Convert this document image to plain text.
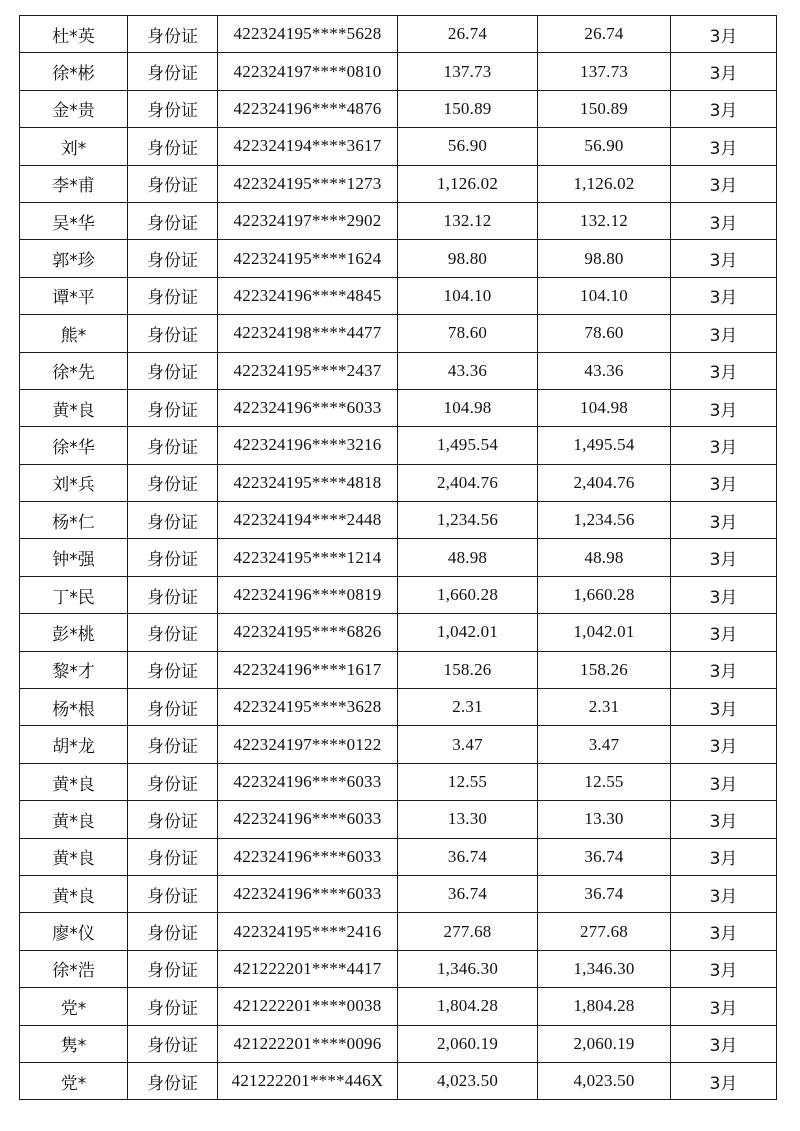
杜*英	身份证	422324195****5628	26.74	26.74	3月
徐*彬	身份证	422324197****0810	137.73	137.73	3月
金*贵	身份证	422324196****4876	150.89	150.89	3月
刘*	身份证	422324194****3617	56.90	56.90	3月
李*甫	身份证	422324195****1273	1,126.02	1,126.02	3月
吴*华	身份证	422324197****2902	132.12	132.12	3月
郭*珍	身份证	422324195****1624	98.80	98.80	3月
谭*平	身份证	422324196****4845	104.10	104.10	3月
熊*	身份证	422324198****4477	78.60	78.60	3月
徐*先	身份证	422324195****2437	43.36	43.36	3月
黄*良	身份证	422324196****6033	104.98	104.98	3月
徐*华	身份证	422324196****3216	1,495.54	1,495.54	3月
刘*兵	身份证	422324195****4818	2,404.76	2,404.76	3月
杨*仁	身份证	422324194****2448	1,234.56	1,234.56	3月
钟*强	身份证	422324195****1214	48.98	48.98	3月
丁*民	身份证	422324196****0819	1,660.28	1,660.28	3月
彭*桃	身份证	422324195****6826	1,042.01	1,042.01	3月
黎*才	身份证	422324196****1617	158.26	158.26	3月
杨*根	身份证	422324195****3628	2.31	2.31	3月
胡*龙	身份证	422324197****0122	3.47	3.47	3月
黄*良	身份证	422324196****6033	12.55	12.55	3月
黄*良	身份证	422324196****6033	13.30	13.30	3月
黄*良	身份证	422324196****6033	36.74	36.74	3月
黄*良	身份证	422324196****6033	36.74	36.74	3月
廖*仪	身份证	422324195****2416	277.68	277.68	3月
徐*浩	身份证	421222201****4417	1,346.30	1,346.30	3月
党*	身份证	421222201****0038	1,804.28	1,804.28	3月
隽*	身份证	421222201****0096	2,060.19	2,060.19	3月
党*	身份证	421222201****446X	4,023.50	4,023.50	3月
